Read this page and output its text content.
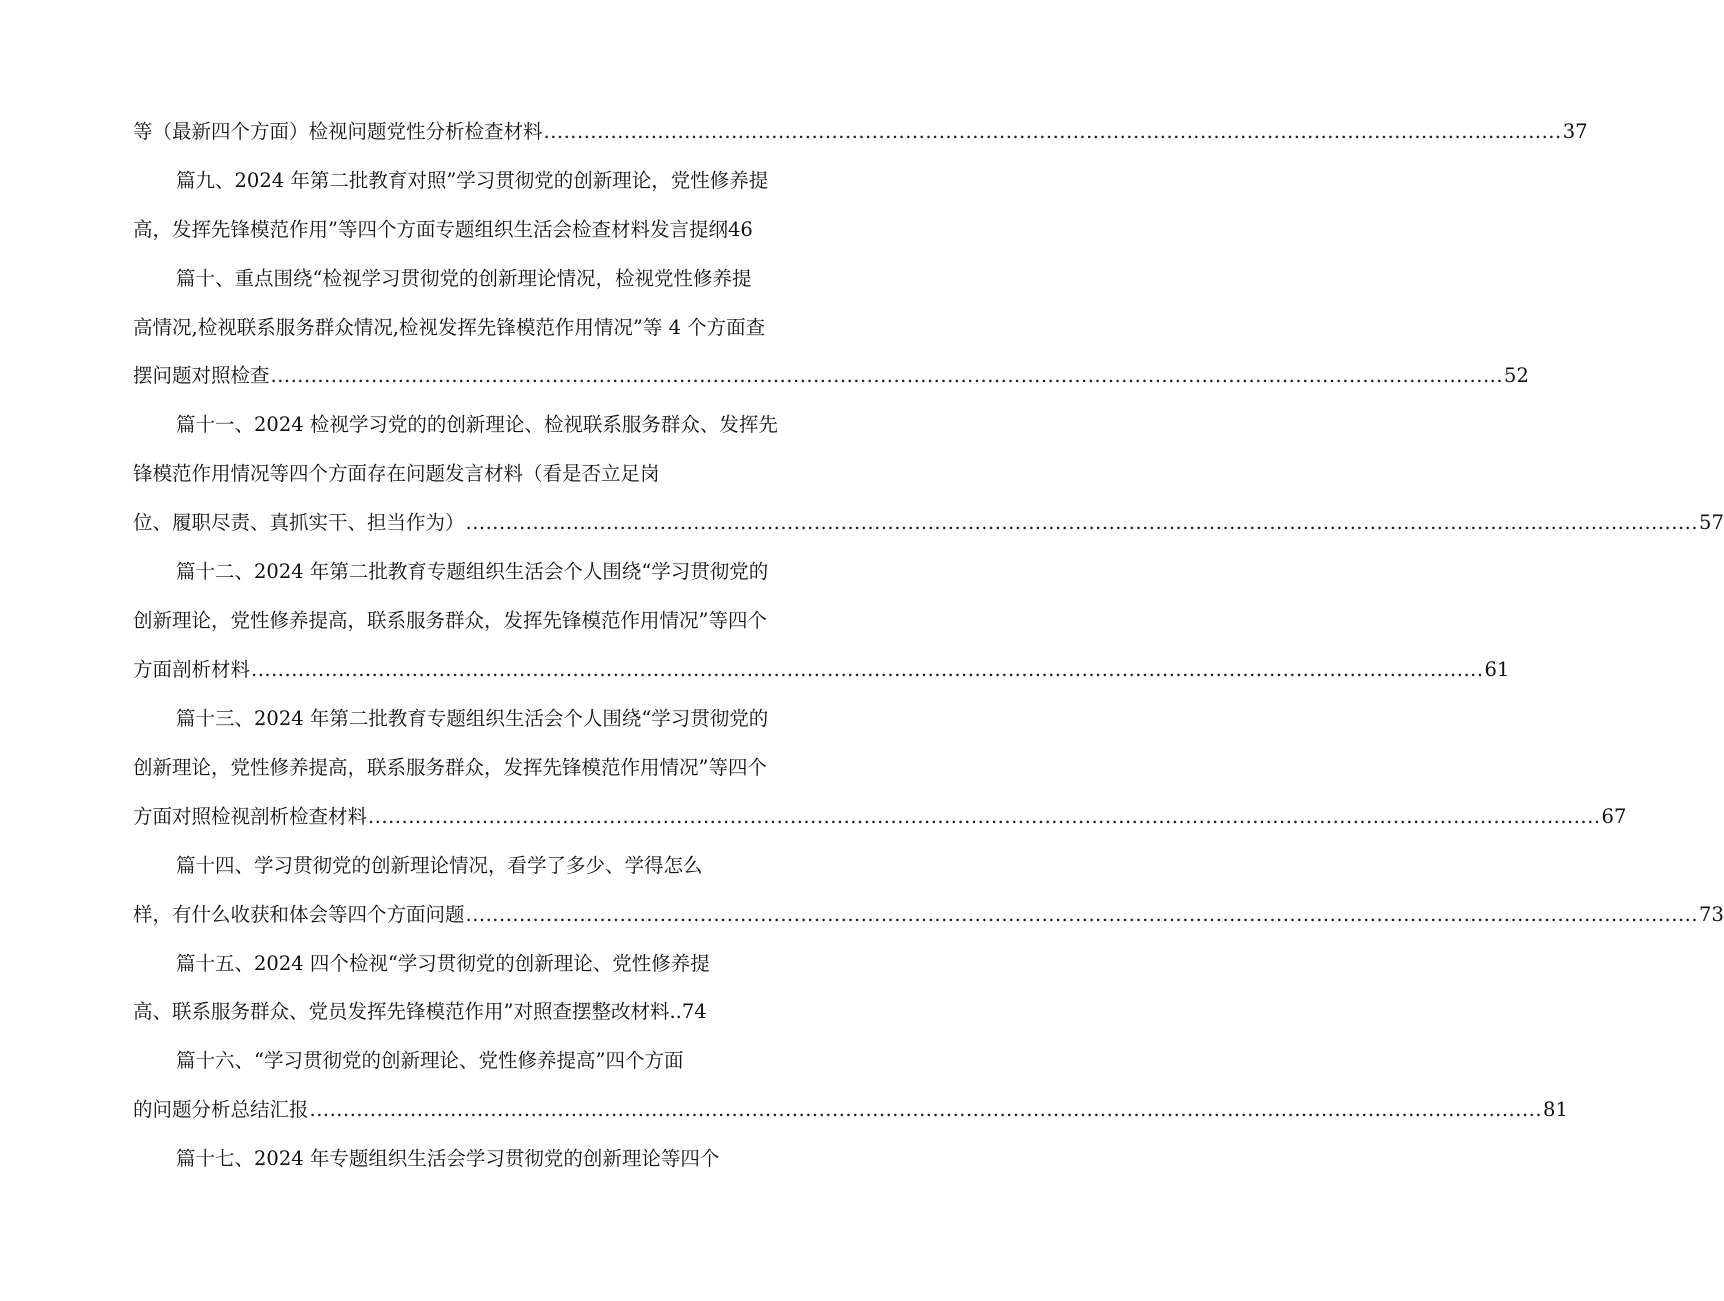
等（最新四个方面）检视问题党性分析检查材料 ........................................................................................................................................................ 37
篇九、2024 年第二批教育对照”学习贯彻党的创新理论，党性修养提
高，发挥先锋模范作用”等四个方面专题组织生活会检查材料发言提纲46
篇十、重点围绕“检视学习贯彻党的创新理论情况，检视党性修养提
高情况,检视联系服务群众情况,检视发挥先锋模范作用情况”等 4 个方面查
摆问题对照检查 ........................................................................................................................................................................................ 52
篇十一、2024 检视学习党的的创新理论、检视联系服务群众、发挥先
锋模范作用情况等四个方面存在问题发言材料（看是否立足岗
位、履职尽责、真抓实干、担当作为） ........................................................................................................................................................................................ 57
篇十二、2024 年第二批教育专题组织生活会个人围绕“学习贯彻党的
创新理论，党性修养提高，联系服务群众，发挥先锋模范作用情况”等四个
方面剖析材料 ........................................................................................................................................................................................ 61
篇十三、2024 年第二批教育专题组织生活会个人围绕“学习贯彻党的
创新理论，党性修养提高，联系服务群众，发挥先锋模范作用情况”等四个
方面对照检视剖析检查材料 ........................................................................................................................................................................................ 67
篇十四、学习贯彻党的创新理论情况，看学了多少、学得怎么
样，有什么收获和体会等四个方面问题 ........................................................................................................................................................................................ 73
篇十五、2024 四个检视“学习贯彻党的创新理论、党性修养提
高、联系服务群众、党员发挥先锋模范作用”对照查摆整改材料..74
篇十六、“学习贯彻党的创新理论、党性修养提高”四个方面
的问题分析总结汇报 ........................................................................................................................................................................................ 81
篇十七、2024 年专题组织生活会学习贯彻党的创新理论等四个
